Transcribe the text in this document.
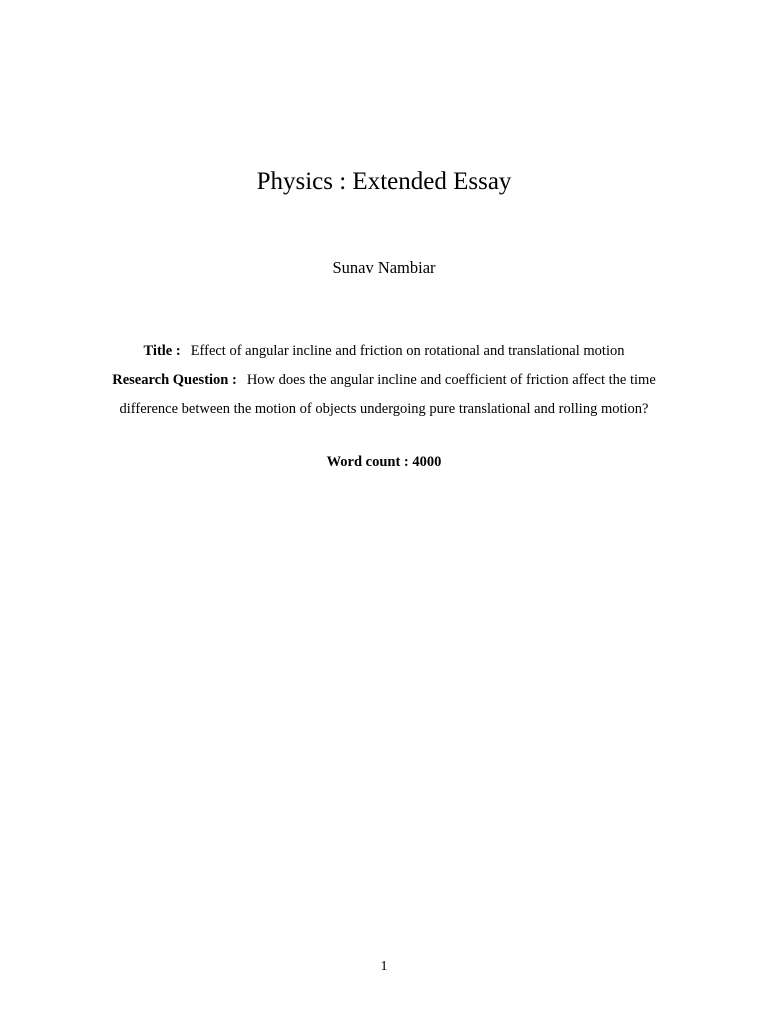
Physics : Extended Essay
Sunav Nambiar
Title : Effect of angular incline and friction on rotational and translational motion
Research Question : How does the angular incline and coefficient of friction affect the time
difference between the motion of objects undergoing pure translational and rolling motion?
Word count : 4000
1
